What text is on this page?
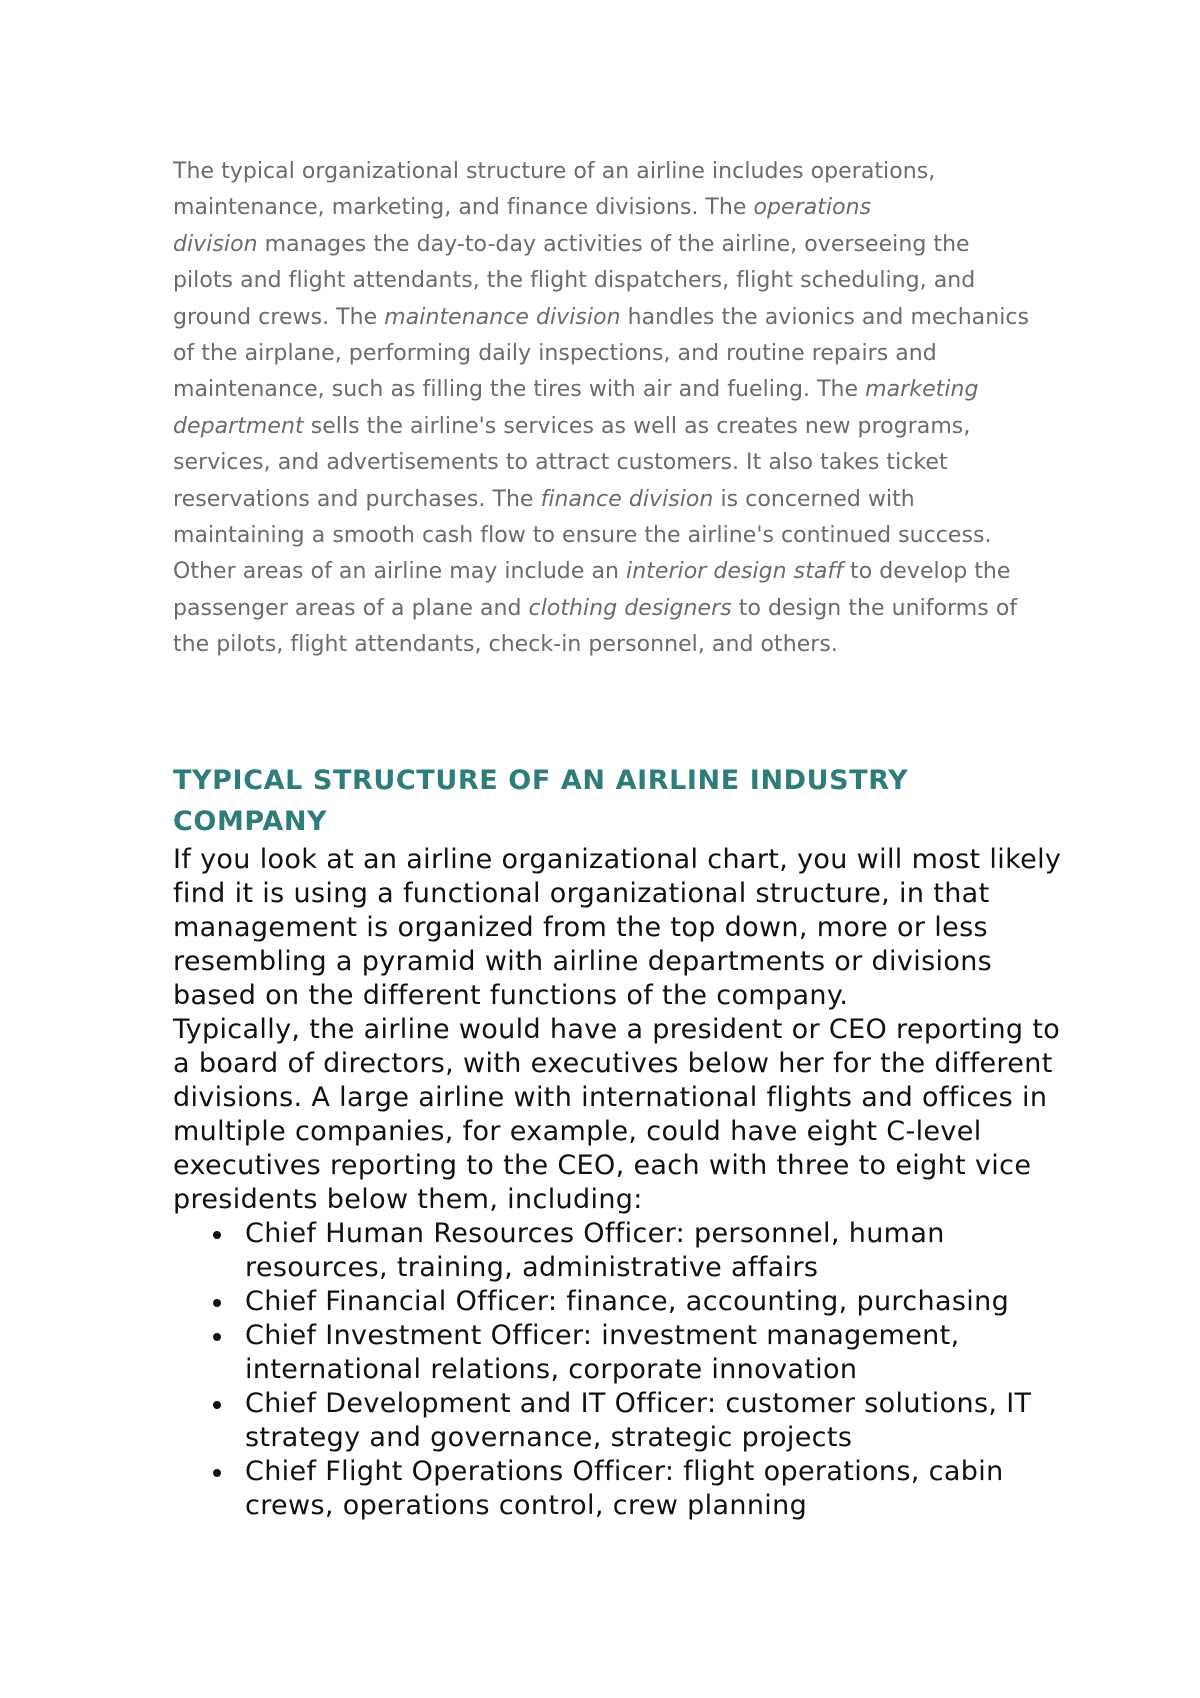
The typical organizational structure of an airline includes operations,
maintenance, marketing, and finance divisions. The operations
division manages the day-to-day activities of the airline, overseeing the
pilots and flight attendants, the flight dispatchers, flight scheduling, and
ground crews. The maintenance division handles the avionics and mechanics
of the airplane, performing daily inspections, and routine repairs and
maintenance, such as filling the tires with air and fueling. The marketing
department sells the airline's services as well as creates new programs,
services, and advertisements to attract customers. It also takes ticket
reservations and purchases. The finance division is concerned with
maintaining a smooth cash flow to ensure the airline's continued success.
Other areas of an airline may include an interior design staff to develop the
passenger areas of a plane and clothing designers to design the uniforms of
the pilots, flight attendants, check-in personnel, and others.

TYPICAL STRUCTURE OF AN AIRLINE INDUSTRY
COMPANY
If you look at an airline organizational chart, you will most likely
find it is using a functional organizational structure, in that
management is organized from the top down, more or less
resembling a pyramid with airline departments or divisions
based on the different functions of the company.
Typically, the airline would have a president or CEO reporting to
a board of directors, with executives below her for the different
divisions. A large airline with international flights and offices in
multiple companies, for example, could have eight C-level
executives reporting to the CEO, each with three to eight vice
presidents below them, including:
Chief Human Resources Officer: personnel, human
resources, training, administrative affairs
Chief Financial Officer: finance, accounting, purchasing
Chief Investment Officer: investment management,
international relations, corporate innovation
Chief Development and IT Officer: customer solutions, IT
strategy and governance, strategic projects
Chief Flight Operations Officer: flight operations, cabin
crews, operations control, crew planning
